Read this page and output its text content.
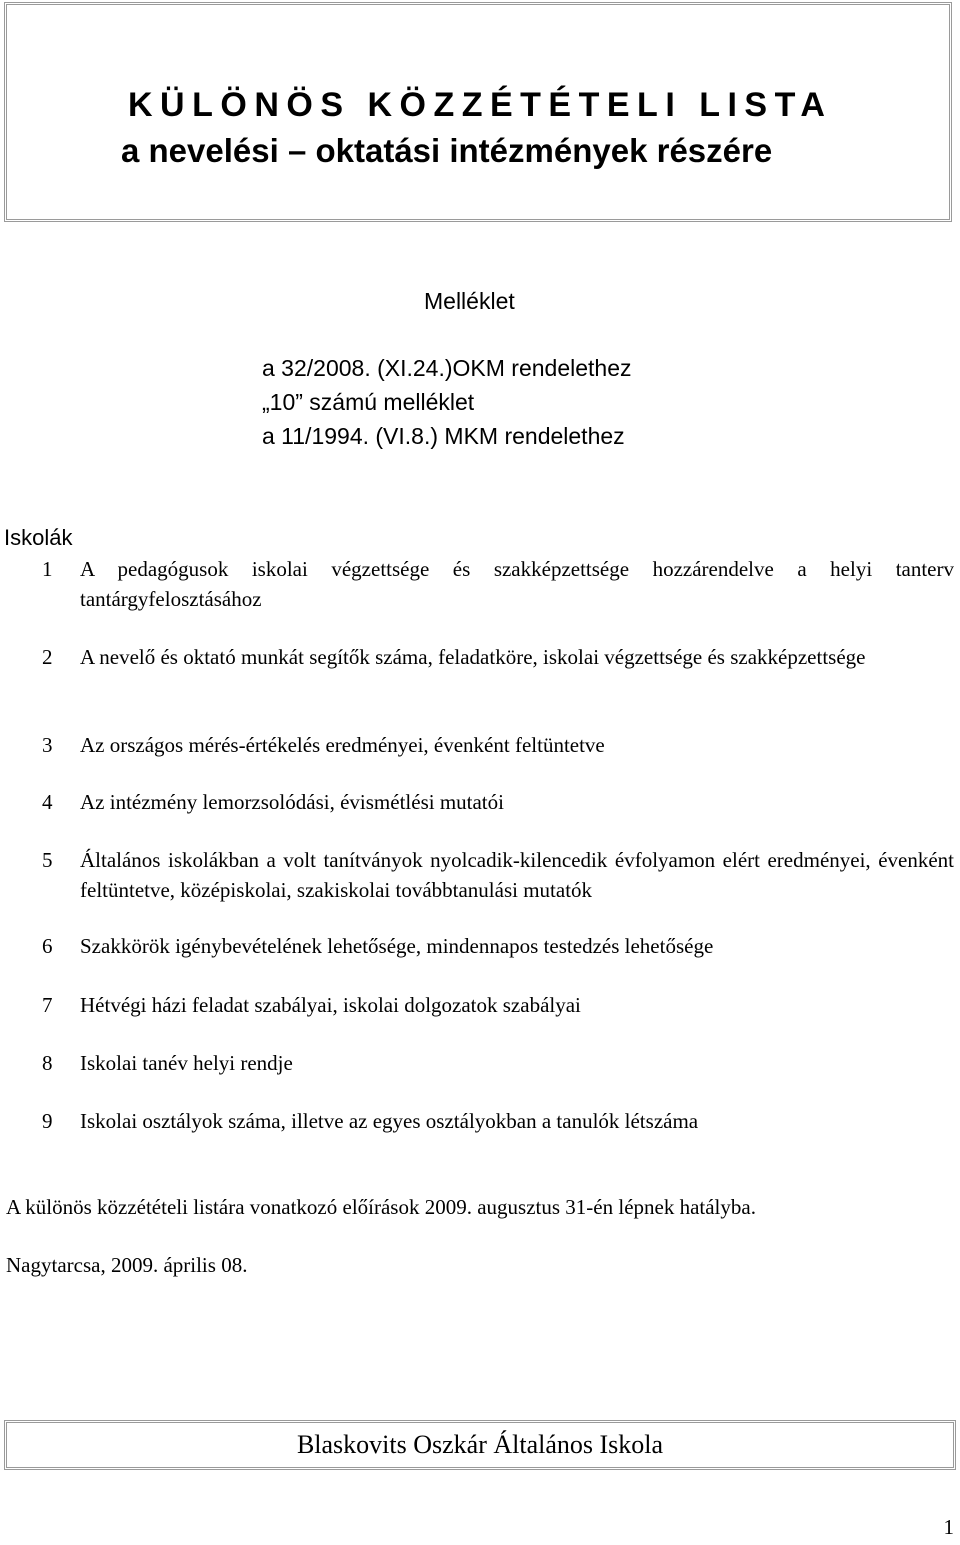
KÜLÖNÖS KÖZZÉTÉTELI LISTA
a nevelési – oktatási intézmények részére
Melléklet
a 32/2008. (XI.24.)OKM rendelethez
„10” számú melléklet
a 11/1994. (VI.8.) MKM rendelethez
Iskolák
1 A pedagógusok iskolai végzettsége és szakképzettsége hozzárendelve a helyi tanterv tantárgyfelosztásához
2 A nevelő és oktató munkát segítők száma, feladatköre, iskolai végzettsége és szakképzettsége
3 Az országos mérés-értékelés eredményei, évenként feltüntetve
4 Az intézmény lemorzsolódási, évismétlési mutatói
5 Általános iskolákban a volt tanítványok nyolcadik-kilencedik évfolyamon elért eredményei, évenként feltüntetve, középiskolai, szakiskolai továbbtanulási mutatók
6 Szakkörök igénybevételének lehetősége, mindennapos testedzés lehetősége
7 Hétvégi házi feladat szabályai, iskolai dolgozatok szabályai
8 Iskolai tanév helyi rendje
9 Iskolai osztályok száma, illetve az egyes osztályokban a tanulók létszáma
A különös közzétételi listára vonatkozó előírások 2009. augusztus 31-én lépnek hatályba.
Nagytarcsa, 2009. április 08.
Blaskovits Oszkár Általános Iskola
1
